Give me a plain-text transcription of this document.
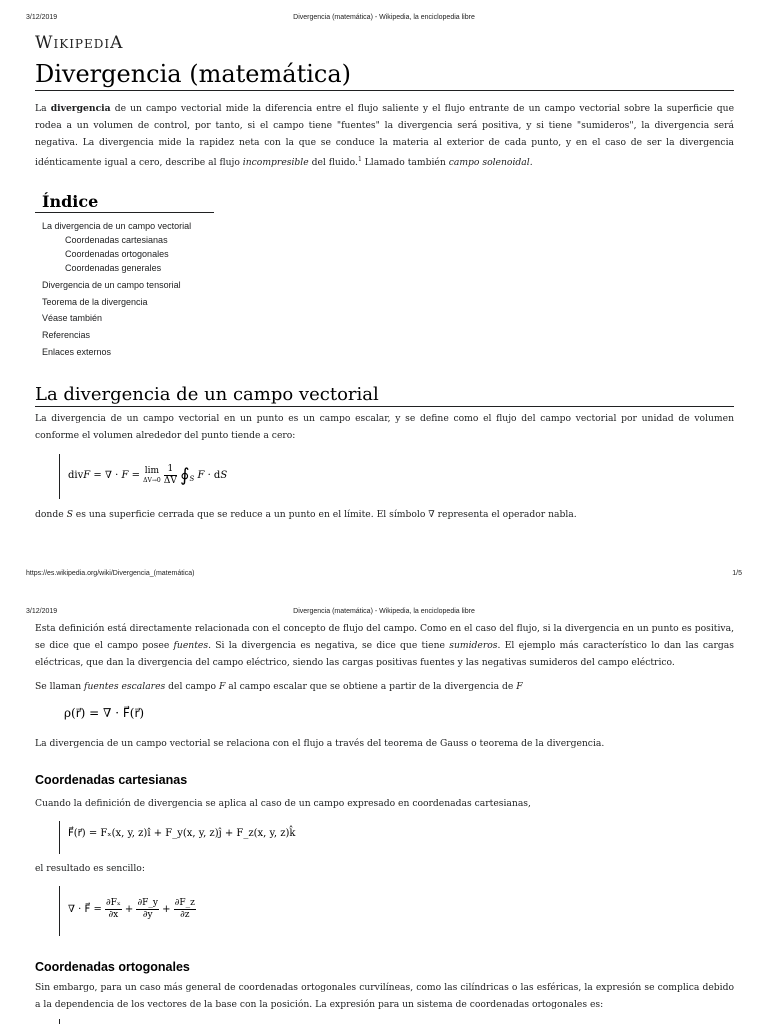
3/12/2019	Divergencia (matemática) - Wikipedia, la enciclopedia libre
WIKIPEDIA
Divergencia (matemática)

La divergencia de un campo vectorial mide la diferencia entre el flujo saliente y el flujo entrante de un campo vectorial sobre la superficie que rodea a un volumen de control, por tanto, si el campo tiene "fuentes" la divergencia será positiva, y si tiene "sumideros", la divergencia será negativa. La divergencia mide la rapidez neta con la que se conduce la materia al exterior de cada punto, y en el caso de ser la divergencia idénticamente igual a cero, describe al flujo incompresible del fluido.$^1$ Llamado también campo solenoidal.

Índice
La divergencia de un campo vectorial
Coordenadas cartesianas
Coordenadas ortogonales
Coordenadas generales
Divergencia de un campo tensorial
Teorema de la divergencia
Véase también
Referencias
Enlaces externos
La divergencia de un campo vectorial

La divergencia de un campo vectorial en un punto es un campo escalar, y se define como el flujo del campo vectorial por unidad de volumen conforme el volumen alrededor del punto tiende a cero:

divF = ∇ · F = lim
ΔV→0
$\frac{1}{\Delta V}$ $∮_S$ F · dS

donde S es una superficie cerrada que se reduce a un punto en el límite. El símbolo ∇ representa el operador nabla.

https://es.wikipedia.org/wiki/Divergencia_(matemática)	1/5
3/12/2019	Divergencia (matemática) - Wikipedia, la enciclopedia libre

Esta definición está directamente relacionada con el concepto de flujo del campo. Como en el caso del flujo, si la divergencia en un punto es positiva, se dice que el campo posee fuentes. Si la divergencia es negativa, se dice que tiene sumideros. El ejemplo más característico lo dan las cargas eléctricas, que dan la divergencia del campo eléctrico, siendo las cargas positivas fuentes y las negativas sumideros del campo eléctrico.

Se llaman fuentes escalares del campo F al campo escalar que se obtiene a partir de la divergencia de F

ρ(r⃗) = ∇ · F⃗(r⃗)

La divergencia de un campo vectorial se relaciona con el flujo a través del teorema de Gauss o teorema de la divergencia.

Coordenadas cartesianas

Cuando la definición de divergencia se aplica al caso de un campo expresado en coordenadas cartesianas,

F⃗(r⃗) = Fₓ(x, y, z)î + F_y(x, y, z)ĵ + F_z(x, y, z)k̂

el resultado es sencillo:

∇ · F⃗ = $\frac{\text{∂Fₓ}}{\partial x} + \frac{\partial F\_y}{\partial y} + \frac{\partial F\_z}{\partial z}$
Coordenadas ortogonales

Sin embargo, para un caso más general de coordenadas ortogonales curvilíneas, como las cilíndricas o las esféricas, la expresión se complica debido a la dependencia de los vectores de la base con la posición. La expresión para un sistema de coordenadas ortogonales es:
